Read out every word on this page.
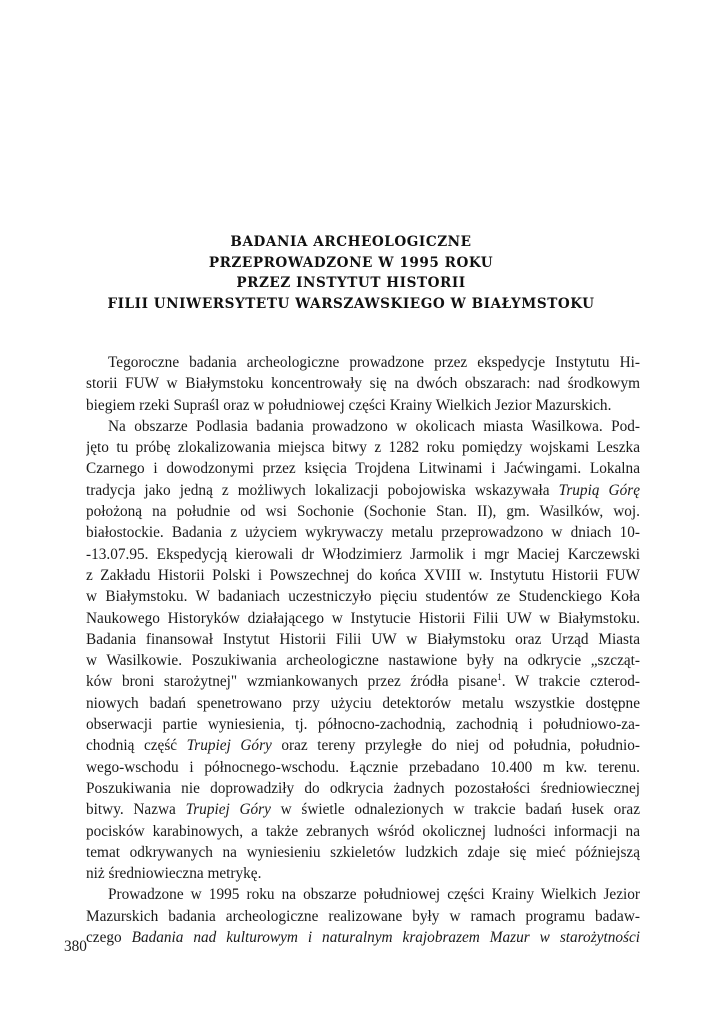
BADANIA ARCHEOLOGICZNE
PRZEPROWADZONE W 1995 ROKU
PRZEZ INSTYTUT HISTORII
FILII UNIWERSYTETU WARSZAWSKIEGO W BIAŁYMSTOKU
Tegoroczne badania archeologiczne prowadzone przez ekspedycje Instytutu Hi-
storii FUW w Białymstoku koncentrowały się na dwóch obszarach: nad środkowym
biegiem rzeki Supraśl oraz w południowej części Krainy Wielkich Jezior Mazurskich.
Na obszarze Podlasia badania prowadzono w okolicach miasta Wasilkowa. Pod-
jęto tu próbę zlokalizowania miejsca bitwy z 1282 roku pomiędzy wojskami Leszka
Czarnego i dowodzonymi przez księcia Trojdena Litwinami i Jaćwingami. Lokalna
tradycja jako jedną z możliwych lokalizacji pobojowiska wskazywała Trupią Górę
położoną na południe od wsi Sochonie (Sochonie Stan. II), gm. Wasilków, woj.
białostockie. Badania z użyciem wykrywaczy metalu przeprowadzono w dniach 10-
-13.07.95. Ekspedycją kierowali dr Włodzimierz Jarmolik i mgr Maciej Karczewski
z Zakładu Historii Polski i Powszechnej do końca XVIII w. Instytutu Historii FUW
w Białymstoku. W badaniach uczestniczyło pięciu studentów ze Studenckiego Koła
Naukowego Historyków działającego w Instytucie Historii Filii UW w Białymstoku.
Badania finansował Instytut Historii Filii UW w Białymstoku oraz Urząd Miasta
w Wasilkowie. Poszukiwania archeologiczne nastawione były na odkrycie „szcząt-
ków broni starożytnej" wzmiankowanych przez źródła pisane$^1$. W trakcie czterod-
niowych badań spenetrowano przy użyciu detektorów metalu wszystkie dostępne
obserwacji partie wyniesienia, tj. północno-zachodnią, zachodnią i południowo-za-
chodnią część Trupiej Góry oraz tereny przyległe do niej od południa, południo-
wego-wschodu i północnego-wschodu. Łącznie przebadano 10.400 m kw. terenu.
Poszukiwania nie doprowadziły do odkrycia żadnych pozostałości średniowiecznej
bitwy. Nazwa Trupiej Góry w świetle odnalezionych w trakcie badań łusek oraz
pocisków karabinowych, a także zebranych wśród okolicznej ludności informacji na
temat odkrywanych na wyniesieniu szkieletów ludzkich zdaje się mieć późniejszą
niż średniowieczna metrykę.
Prowadzone w 1995 roku na obszarze południowej części Krainy Wielkich Jezior
Mazurskich badania archeologiczne realizowane były w ramach programu badaw-
czego Badania nad kulturowym i naturalnym krajobrazem Mazur w starożytności
380
